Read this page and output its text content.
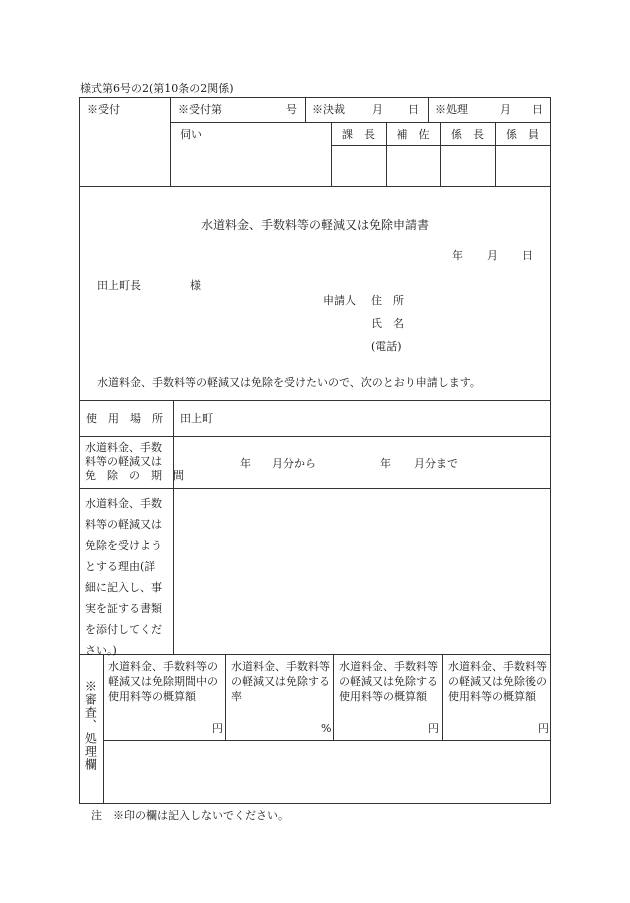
様式第6号の2(第10条の2関係)
※受付	※受付第	号 ※決裁 月 日 ※処理	月 日
伺い	課　長	補　佐	係　長	係　員
水道料金、手数料等の軽減又は免除申請書
年 月 日
田上町長	様
申請人 住　所
氏　名
(電話)
水道料金、手数料等の軽減又は免除を受けたいので、次のとおり申請します。
使　用　場　所 田上町
水道料金、手数
料等の軽減又は
免　除　の　期　間
年 月分から	年 月分まで
水道料金、手数
料等の軽減又は
免除を受けよう
とする理由(詳
細に記入し、事
実を証する書類
を添付してくだ
さい。)
※審査、処理欄
水道料金、手数料等の軽減又は免除期間中の使用料等の概算額
円
水道料金、手数料等の軽減又は免除する率
%
水道料金、手数料等の軽減又は免除する使用料等の概算額
円
水道料金、手数料等の軽減又は免除後の使用料等の概算額
円
注　※印の欄は記入しないでください。
